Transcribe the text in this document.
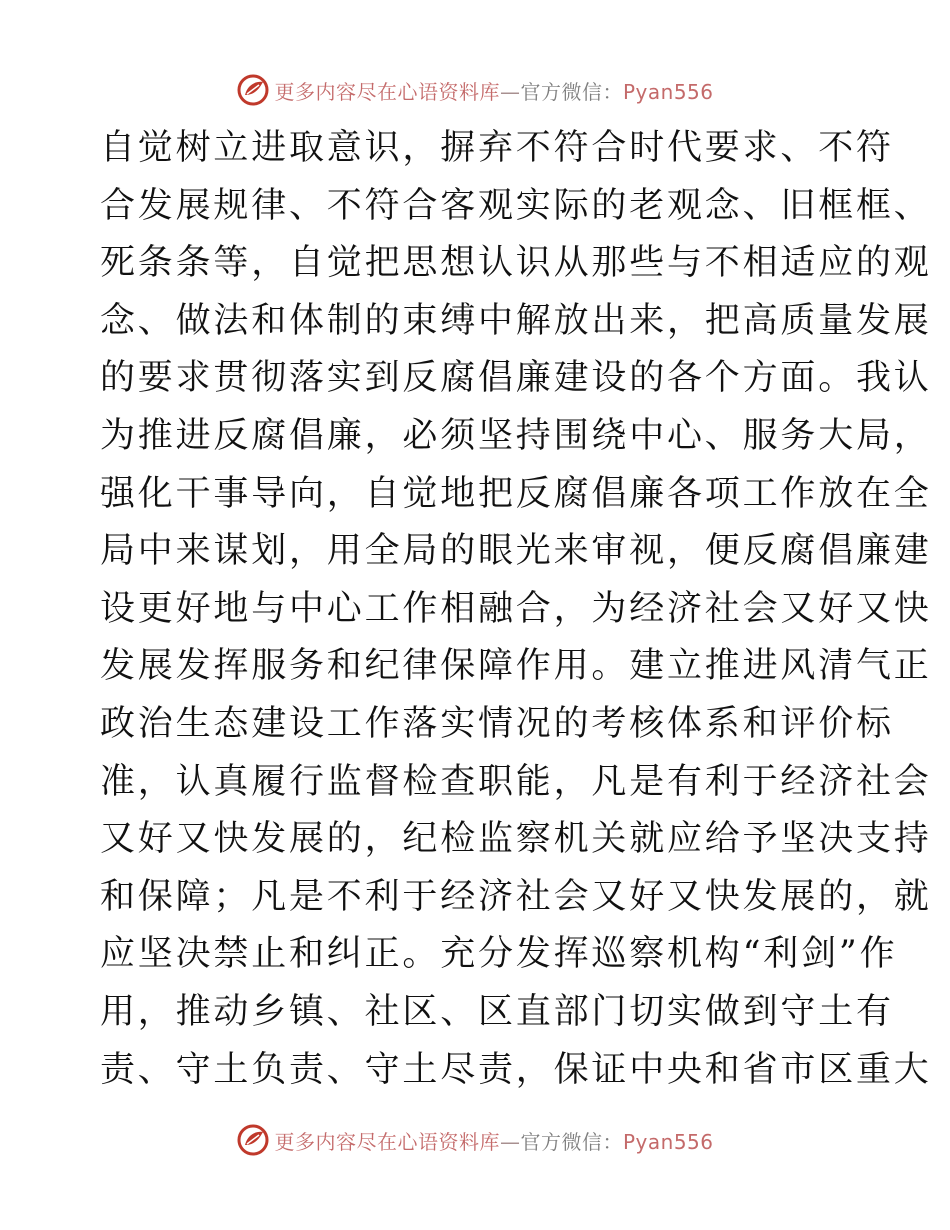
更多内容尽在心语资料库—官方微信：Pyan556
自觉树立进取意识，摒弃不符合时代要求、不符
合发展规律、不符合客观实际的老观念、旧框框、
死条条等，自觉把思想认识从那些与不相适应的观
念、做法和体制的束缚中解放出来，把高质量发展
的要求贯彻落实到反腐倡廉建设的各个方面。我认
为推进反腐倡廉，必须坚持围绕中心、服务大局，
强化干事导向，自觉地把反腐倡廉各项工作放在全
局中来谋划，用全局的眼光来审视，便反腐倡廉建
设更好地与中心工作相融合，为经济社会又好又快
发展发挥服务和纪律保障作用。建立推进风清气正
政治生态建设工作落实情况的考核体系和评价标
准，认真履行监督检查职能，凡是有利于经济社会
又好又快发展的，纪检监察机关就应给予坚决支持
和保障；凡是不利于经济社会又好又快发展的，就
应坚决禁止和纠正。充分发挥巡察机构“利剑”作
用，推动乡镇、社区、区直部门切实做到守土有
责、守土负责、守土尽责，保证中央和省市区重大
更多内容尽在心语资料库—官方微信：Pyan556
